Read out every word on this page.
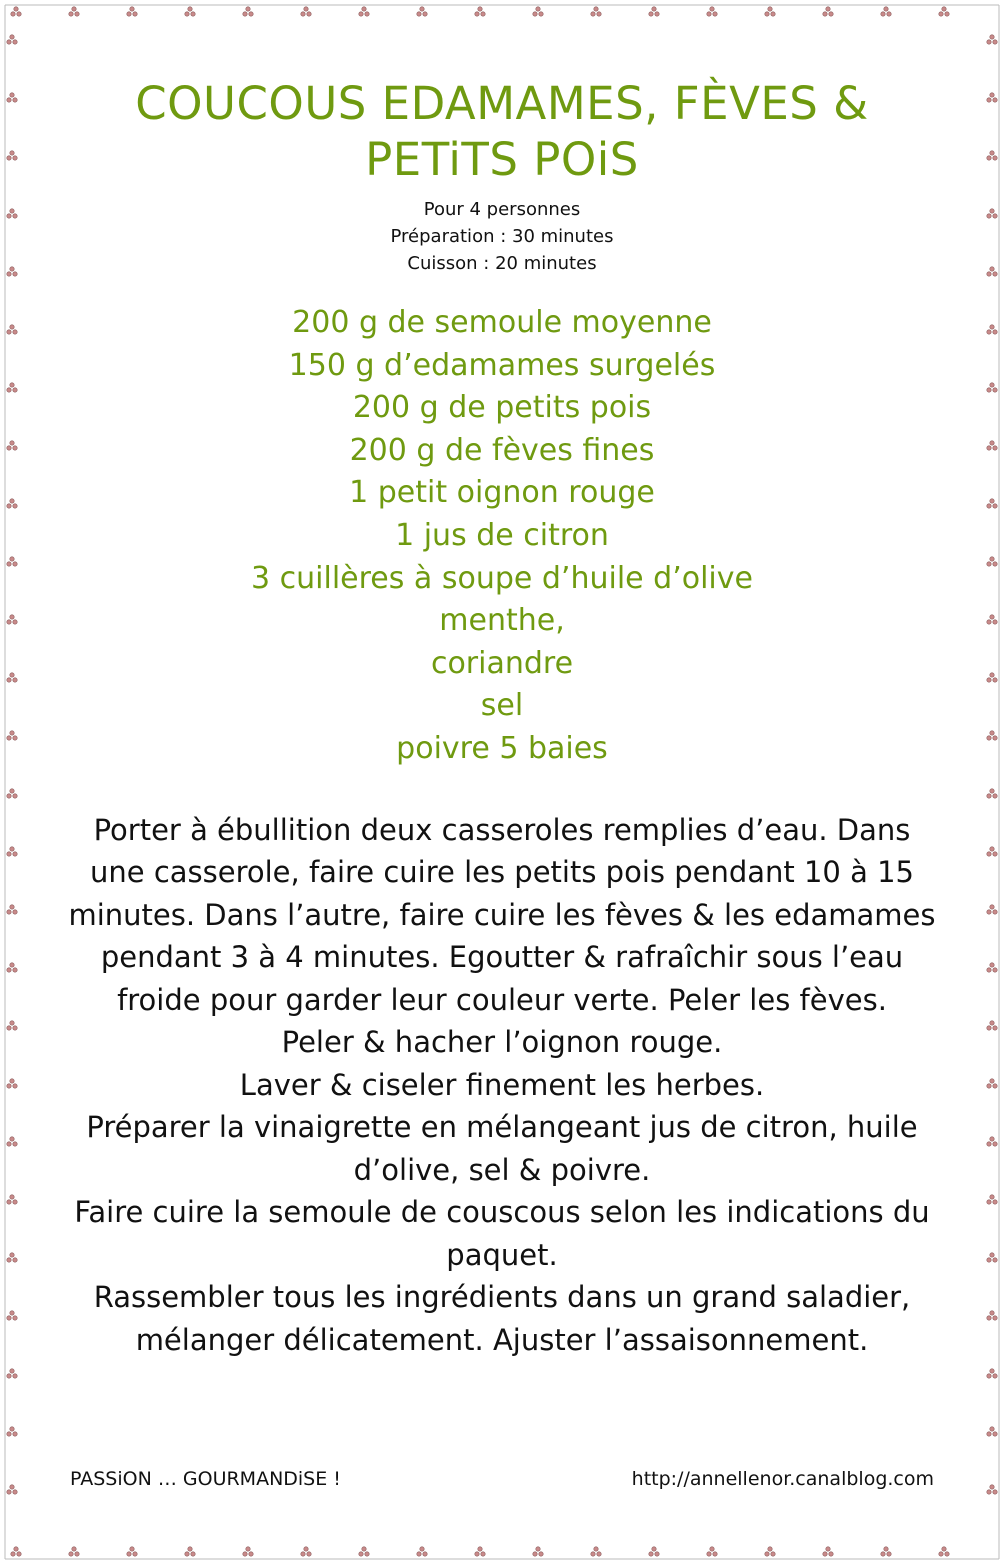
COUCOUS EDAMAMES, FÈVES &
PETiTS POiS
Pour 4 personnes
Préparation : 30 minutes
Cuisson : 20 minutes
200 g de semoule moyenne
150 g d’edamames surgelés
200 g de petits pois
200 g de fèves fines
1 petit oignon rouge
1 jus de citron
3 cuillères à soupe d’huile d’olive
menthe,
coriandre
sel
poivre 5 baies
Porter à ébullition deux casseroles remplies d’eau. Dans une casserole, faire cuire les petits pois pendant 10 à 15 minutes. Dans l’autre, faire cuire les fèves & les edamames pendant 3 à 4 minutes. Egoutter & rafraîchir sous l’eau froide pour garder leur couleur verte. Peler les fèves.
Peler & hacher l’oignon rouge.
Laver & ciseler finement les herbes.
Préparer la vinaigrette en mélangeant jus de citron, huile d’olive, sel & poivre.
Faire cuire la semoule de couscous selon les indications du paquet.
Rassembler tous les ingrédients dans un grand saladier, mélanger délicatement. Ajuster l’assaisonnement.
PASSiON … GOURMANDiSE !	http://annellenor.canalblog.com
